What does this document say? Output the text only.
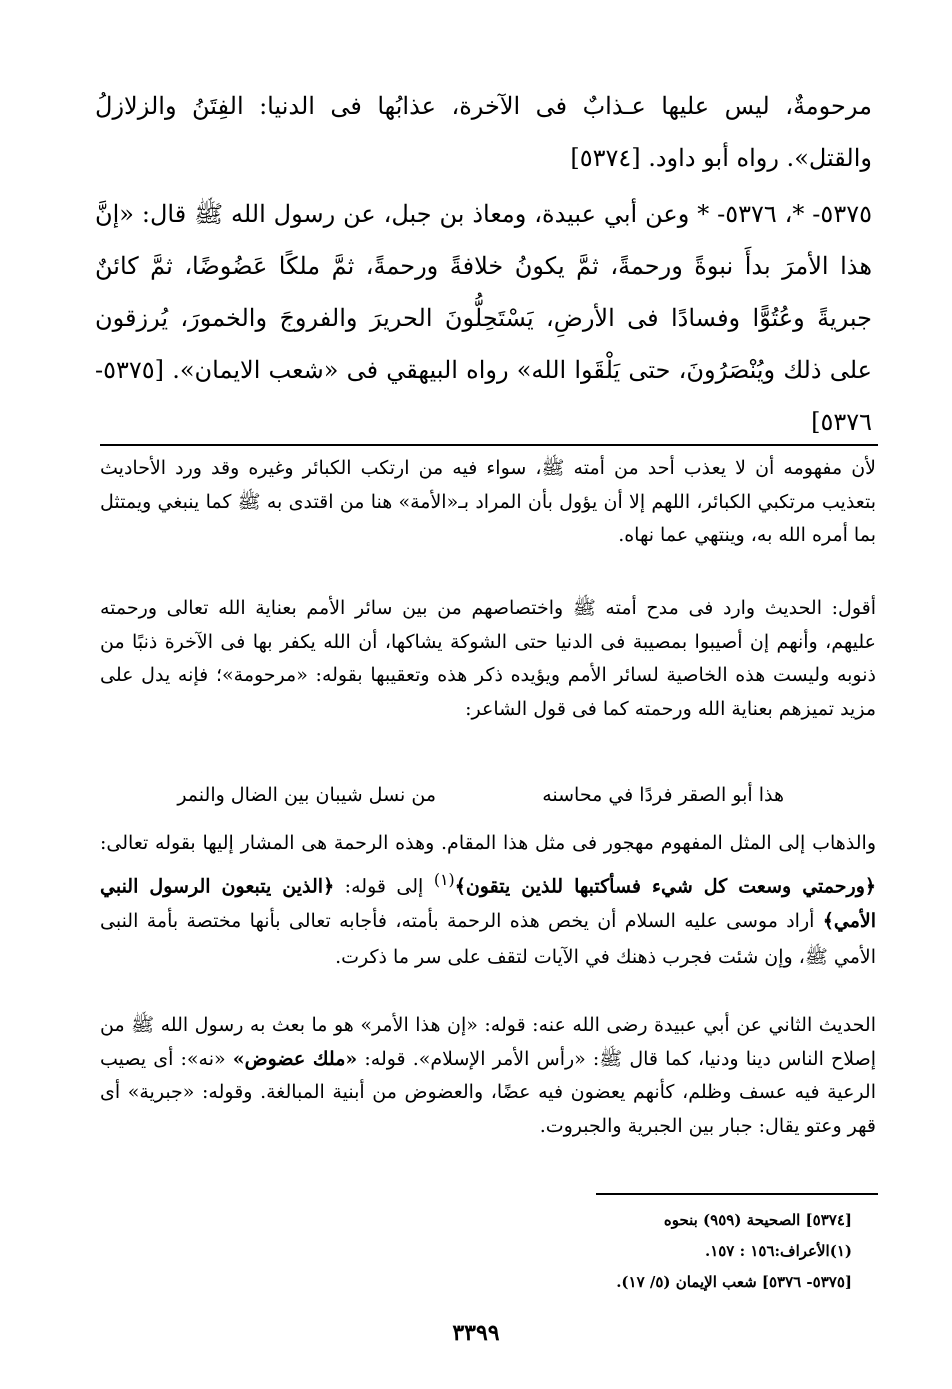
مرحومةٌ، ليس عليها عـذابٌ فى الآخرة، عذابُها فى الدنيا: الفِتَنُ والزلازلُ والقتل». رواه أبو داود. [٥٣٧٤]
٥٣٧٥- *، ٥٣٧٦- * وعن أبي عبيدة، ومعاذ بن جبل، عن رسول الله ﷺ قال: «إنَّ هذا الأمرَ بدأَ نبوةً ورحمةً، ثمَّ يكونُ خلافةً ورحمةً، ثمَّ ملكًا عَضُوضًا، ثمَّ كائنٌ جبريةً وعُتُوًّا وفسادًا فى الأرضِ، يَسْتَحِلُّونَ الحريرَ والفروجَ والخمورَ، يُرزقون على ذلك ويُنْصَرُونَ، حتى يَلْقَوا الله» رواه البيهقي فى «شعب الايمان». [٥٣٧٥- ٥٣٧٦]
لأن مفهومه أن لا يعذب أحد من أمته ﷺ، سواء فيه من ارتكب الكبائر وغيره وقد ورد الأحاديث بتعذيب مرتكبي الكبائر، اللهم إلا أن يؤول بأن المراد بـ«الأمة» هنا من اقتدى به ﷺ كما ينبغي ويمتثل بما أمره الله به، وينتهي عما نهاه.
أقول: الحديث وارد فى مدح أمته ﷺ واختصاصهم من بين سائر الأمم بعناية الله تعالى ورحمته عليهم، وأنهم إن أصيبوا بمصيبة فى الدنيا حتى الشوكة يشاكها، أن الله يكفر بها فى الآخرة ذنبًا من ذنوبه وليست هذه الخاصية لسائر الأمم ويؤيده ذكر هذه وتعقيبها بقوله: «مرحومة»؛ فإنه يدل على مزيد تميزهم بعناية الله ورحمته كما فى قول الشاعر:
هذا أبو الصقر فردًا في محاسنه
من نسل شيبان بين الضال والنمر
والذهاب إلى المثل المفهوم مهجور فى مثل هذا المقام. وهذه الرحمة هى المشار إليها بقوله تعالى: ﴿ورحمتي وسعت كل شيء فسأكتبها للذين يتقون﴾$^{(١)}$ إلى قوله: ﴿الذين يتبعون الرسول النبي الأمي﴾ أراد موسى عليه السلام أن يخص هذه الرحمة بأمته، فأجابه تعالى بأنها مختصة بأمة النبى الأمي ﷺ، وإن شئت فجرب ذهنك في الآيات لتقف على سر ما ذكرت.
الحديث الثاني عن أبي عبيدة رضى الله عنه: قوله: «إن هذا الأمر» هو ما بعث به رسول الله ﷺ من إصلاح الناس دينا ودنيا، كما قال ﷺ: «رأس الأمر الإسلام». قوله: «ملك عضوض» «نه»: أى يصيب الرعية فيه عسف وظلم، كأنهم يعضون فيه عضًا، والعضوض من أبنية المبالغة. وقوله: «جبرية» أى قهر وعتو يقال: جبار بين الجبرية والجبروت.
[٥٣٧٤] الصحيحة (٩٥٩) بنحوه
(١)الأعراف:١٥٦ : ١٥٧.
[٥٣٧٥- ٥٣٧٦] شعب الإيمان (٥/ ١٧).
٣٣٩٩
